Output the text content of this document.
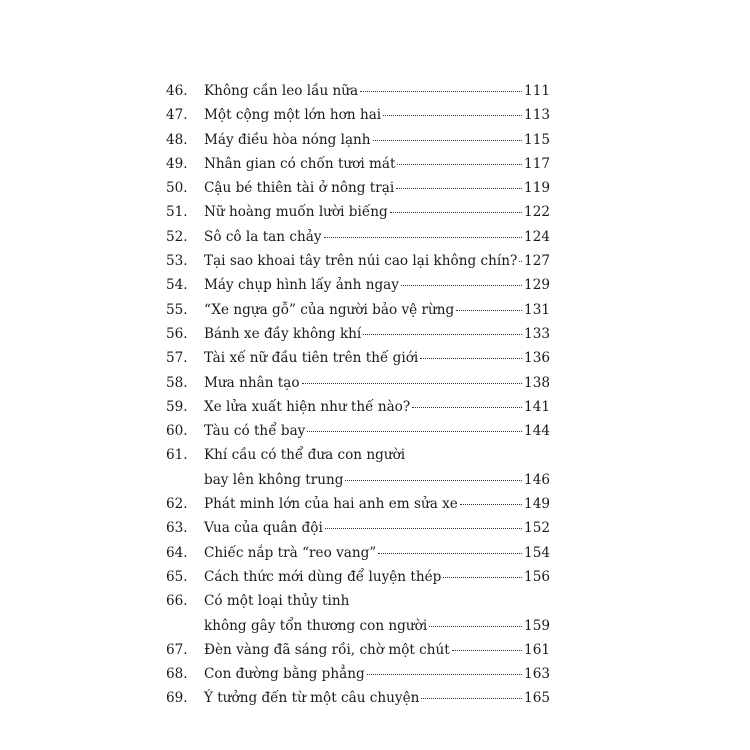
46.	Không cần leo lầu nữa	111
47.	Một cộng một lớn hơn hai	113
48.	Máy điều hòa nóng lạnh	115
49.	Nhân gian có chốn tươi mát	117
50.	Cậu bé thiên tài ở nông trại	119
51.	Nữ hoàng muốn lười biếng	122
52.	Sô cô la tan chảy	124
53.	Tại sao khoai tây trên núi cao lại không chín? 127
54.	Máy chụp hình lấy ảnh ngay	129
55.	“Xe ngựa gỗ” của người bảo vệ rừng	131
56.	Bánh xe đầy không khí	133
57.	Tài xế nữ đầu tiên trên thế giới	136
58.	Mưa nhân tạo	138
59.	Xe lửa xuất hiện như thế nào?	141
60.	Tàu có thể bay	144
61.	Khí cầu có thể đưa con người
bay lên không trung	146
62.	Phát minh lớn của hai anh em sửa xe	149
63.	Vua của quân đội	152
64.	Chiếc nắp trà “reo vang”	154
65.	Cách thức mới dùng để luyện thép	156
66.	Có một loại thủy tinh
không gây tổn thương con người	159
67.	Đèn vàng đã sáng rồi, chờ một chút	161
68.	Con đường bằng phẳng	163
69.	Ý tưởng đến từ một câu chuyện	165
